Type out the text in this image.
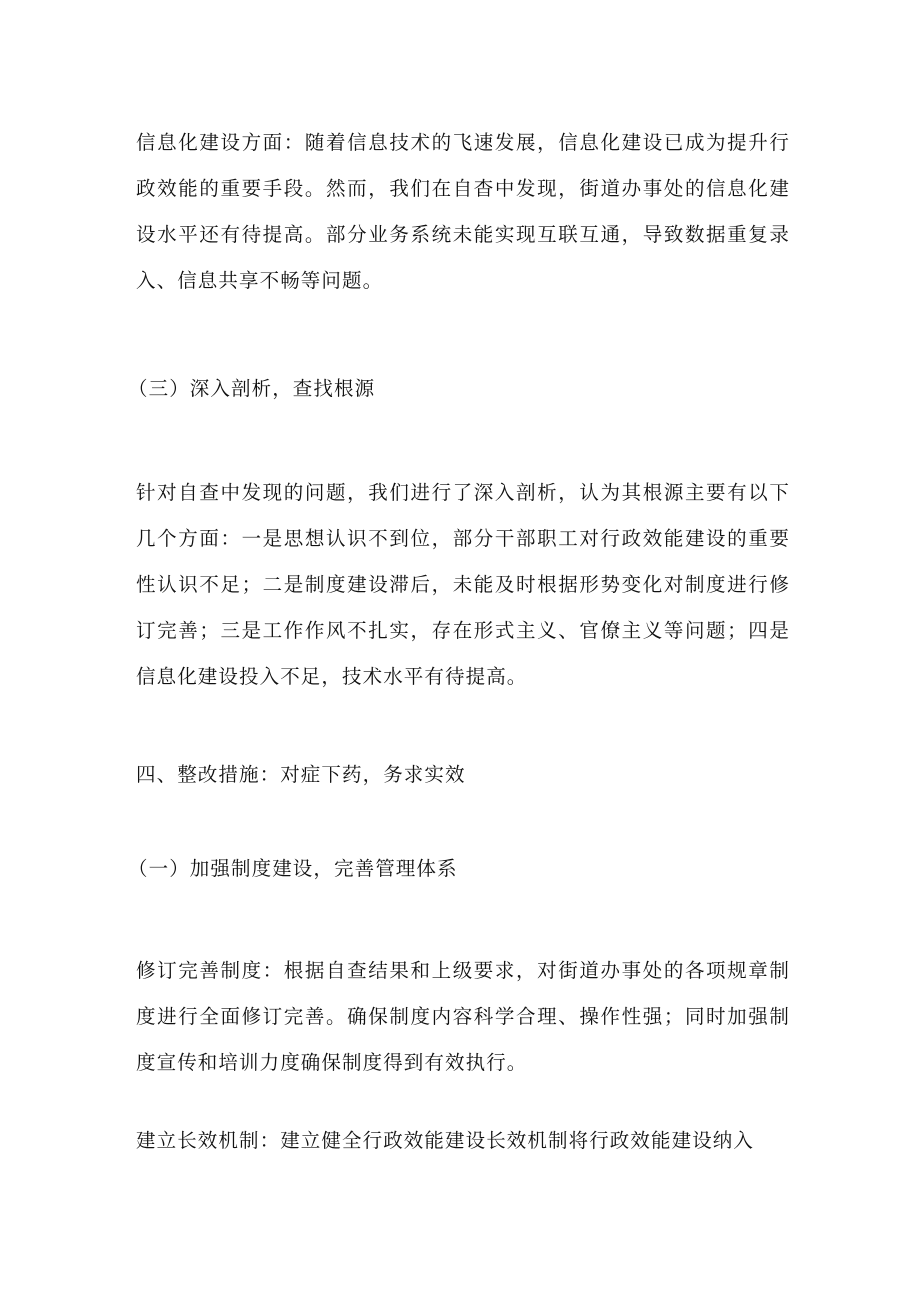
信息化建设方面：随着信息技术的飞速发展，信息化建设已成为提升行政效能的重要手段。然而，我们在自杳中发现，街道办事处的信息化建设水平还有待提高。部分业务系统未能实现互联互通，导致数据重复录入、信息共享不畅等问题。

（三）深入剖析，查找根源

针对自查中发现的问题，我们进行了深入剖析，认为其根源主要有以下几个方面：一是思想认识不到位，部分干部职工对行政效能建设的重要性认识不足；二是制度建设滞后，未能及时根据形势变化对制度进行修订完善；三是工作作风不扎实，存在形式主义、官僚主义等问题；四是信息化建设投入不足，技术水平有待提高。

四、整改措施：对症下药，务求实效

（一）加强制度建设，完善管理体系

修订完善制度：根据自查结果和上级要求，对街道办事处的各项规章制度进行全面修订完善。确保制度内容科学合理、操作性强；同时加强制度宣传和培训力度确保制度得到有效执行。

建立长效机制：建立健全行政效能建设长效机制将行政效能建设纳入
